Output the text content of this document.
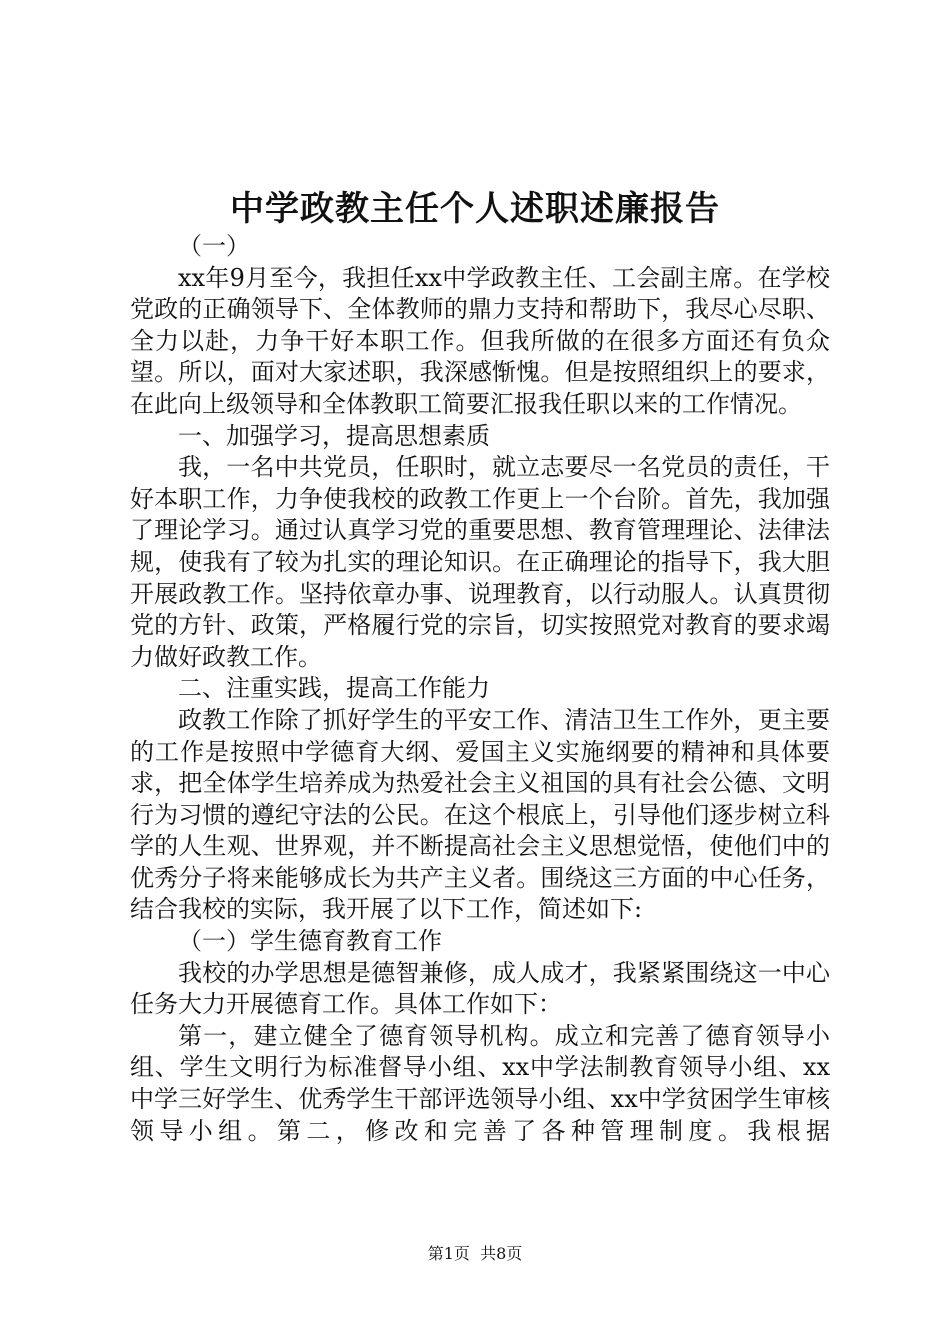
中学政教主任个人述职述廉报告

（一）

xx年9月至今，我担任xx中学政教主任、工会副主席。在学校党政的正确领导下、全体教师的鼎力支持和帮助下，我尽心尽职、全力以赴，力争干好本职工作。但我所做的在很多方面还有负众望。所以，面对大家述职，我深感惭愧。但是按照组织上的要求，在此向上级领导和全体教职工简要汇报我任职以来的工作情况。

一、加强学习，提高思想素质

我，一名中共党员，任职时，就立志要尽一名党员的责任，干好本职工作，力争使我校的政教工作更上一个台阶。首先，我加强了理论学习。通过认真学习党的重要思想、教育管理理论、法律法规，使我有了较为扎实的理论知识。在正确理论的指导下，我大胆开展政教工作。坚持依章办事、说理教育，以行动服人。认真贯彻党的方针、政策，严格履行党的宗旨，切实按照党对教育的要求竭力做好政教工作。

二、注重实践，提高工作能力

政教工作除了抓好学生的平安工作、清洁卫生工作外，更主要的工作是按照中学德育大纲、爱国主义实施纲要的精神和具体要求，把全体学生培养成为热爱社会主义祖国的具有社会公德、文明行为习惯的遵纪守法的公民。在这个根底上，引导他们逐步树立科学的人生观、世界观，并不断提高社会主义思想觉悟，使他们中的优秀分子将来能够成长为共产主义者。围绕这三方面的中心任务，结合我校的实际，我开展了以下工作，简述如下:

（一）学生德育教育工作

我校的办学思想是德智兼修，成人成才，我紧紧围绕这一中心任务大力开展德育工作。具体工作如下：

第一，建立健全了德育领导机构。成立和完善了德育领导小组、学生文明行为标准督导小组、xx中学法制教育领导小组、xx中学三好学生、优秀学生干部评选领导小组、xx中学贫困学生审核领导小组。第二，修改和完善了各种管理制度。我根据

第1页 共8页
